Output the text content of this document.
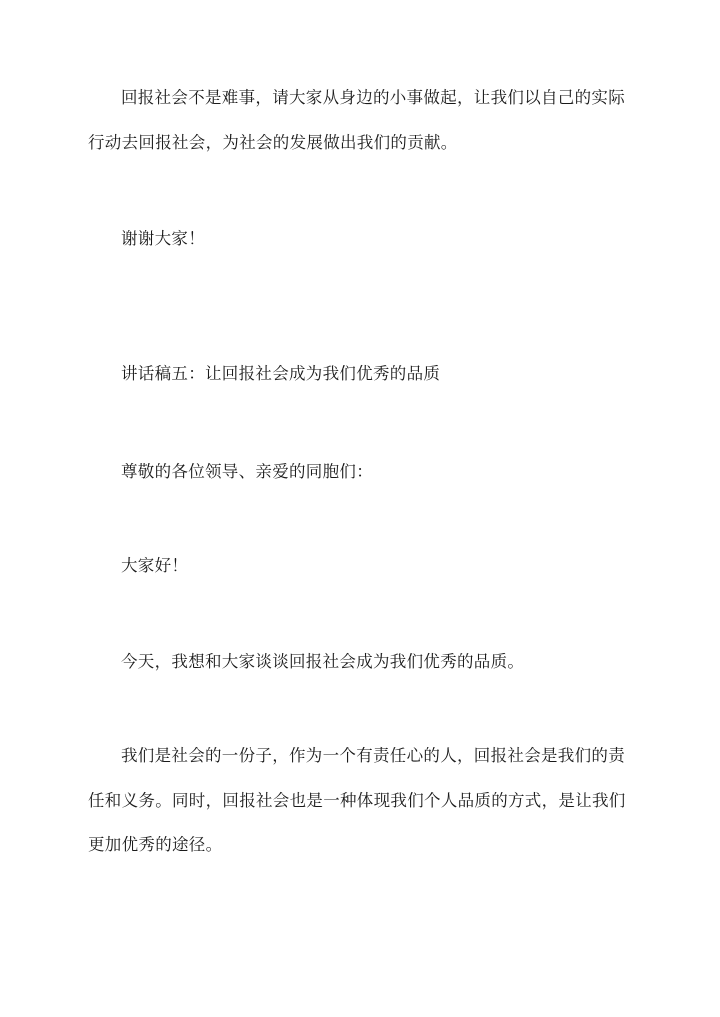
回报社会不是难事，请大家从身边的小事做起，让我们以自己的实际
行动去回报社会，为社会的发展做出我们的贡献。
谢谢大家！
讲话稿五：让回报社会成为我们优秀的品质
尊敬的各位领导、亲爱的同胞们：
大家好！
今天，我想和大家谈谈回报社会成为我们优秀的品质。
我们是社会的一份子，作为一个有责任心的人，回报社会是我们的责
任和义务。同时，回报社会也是一种体现我们个人品质的方式，是让我们
更加优秀的途径。
